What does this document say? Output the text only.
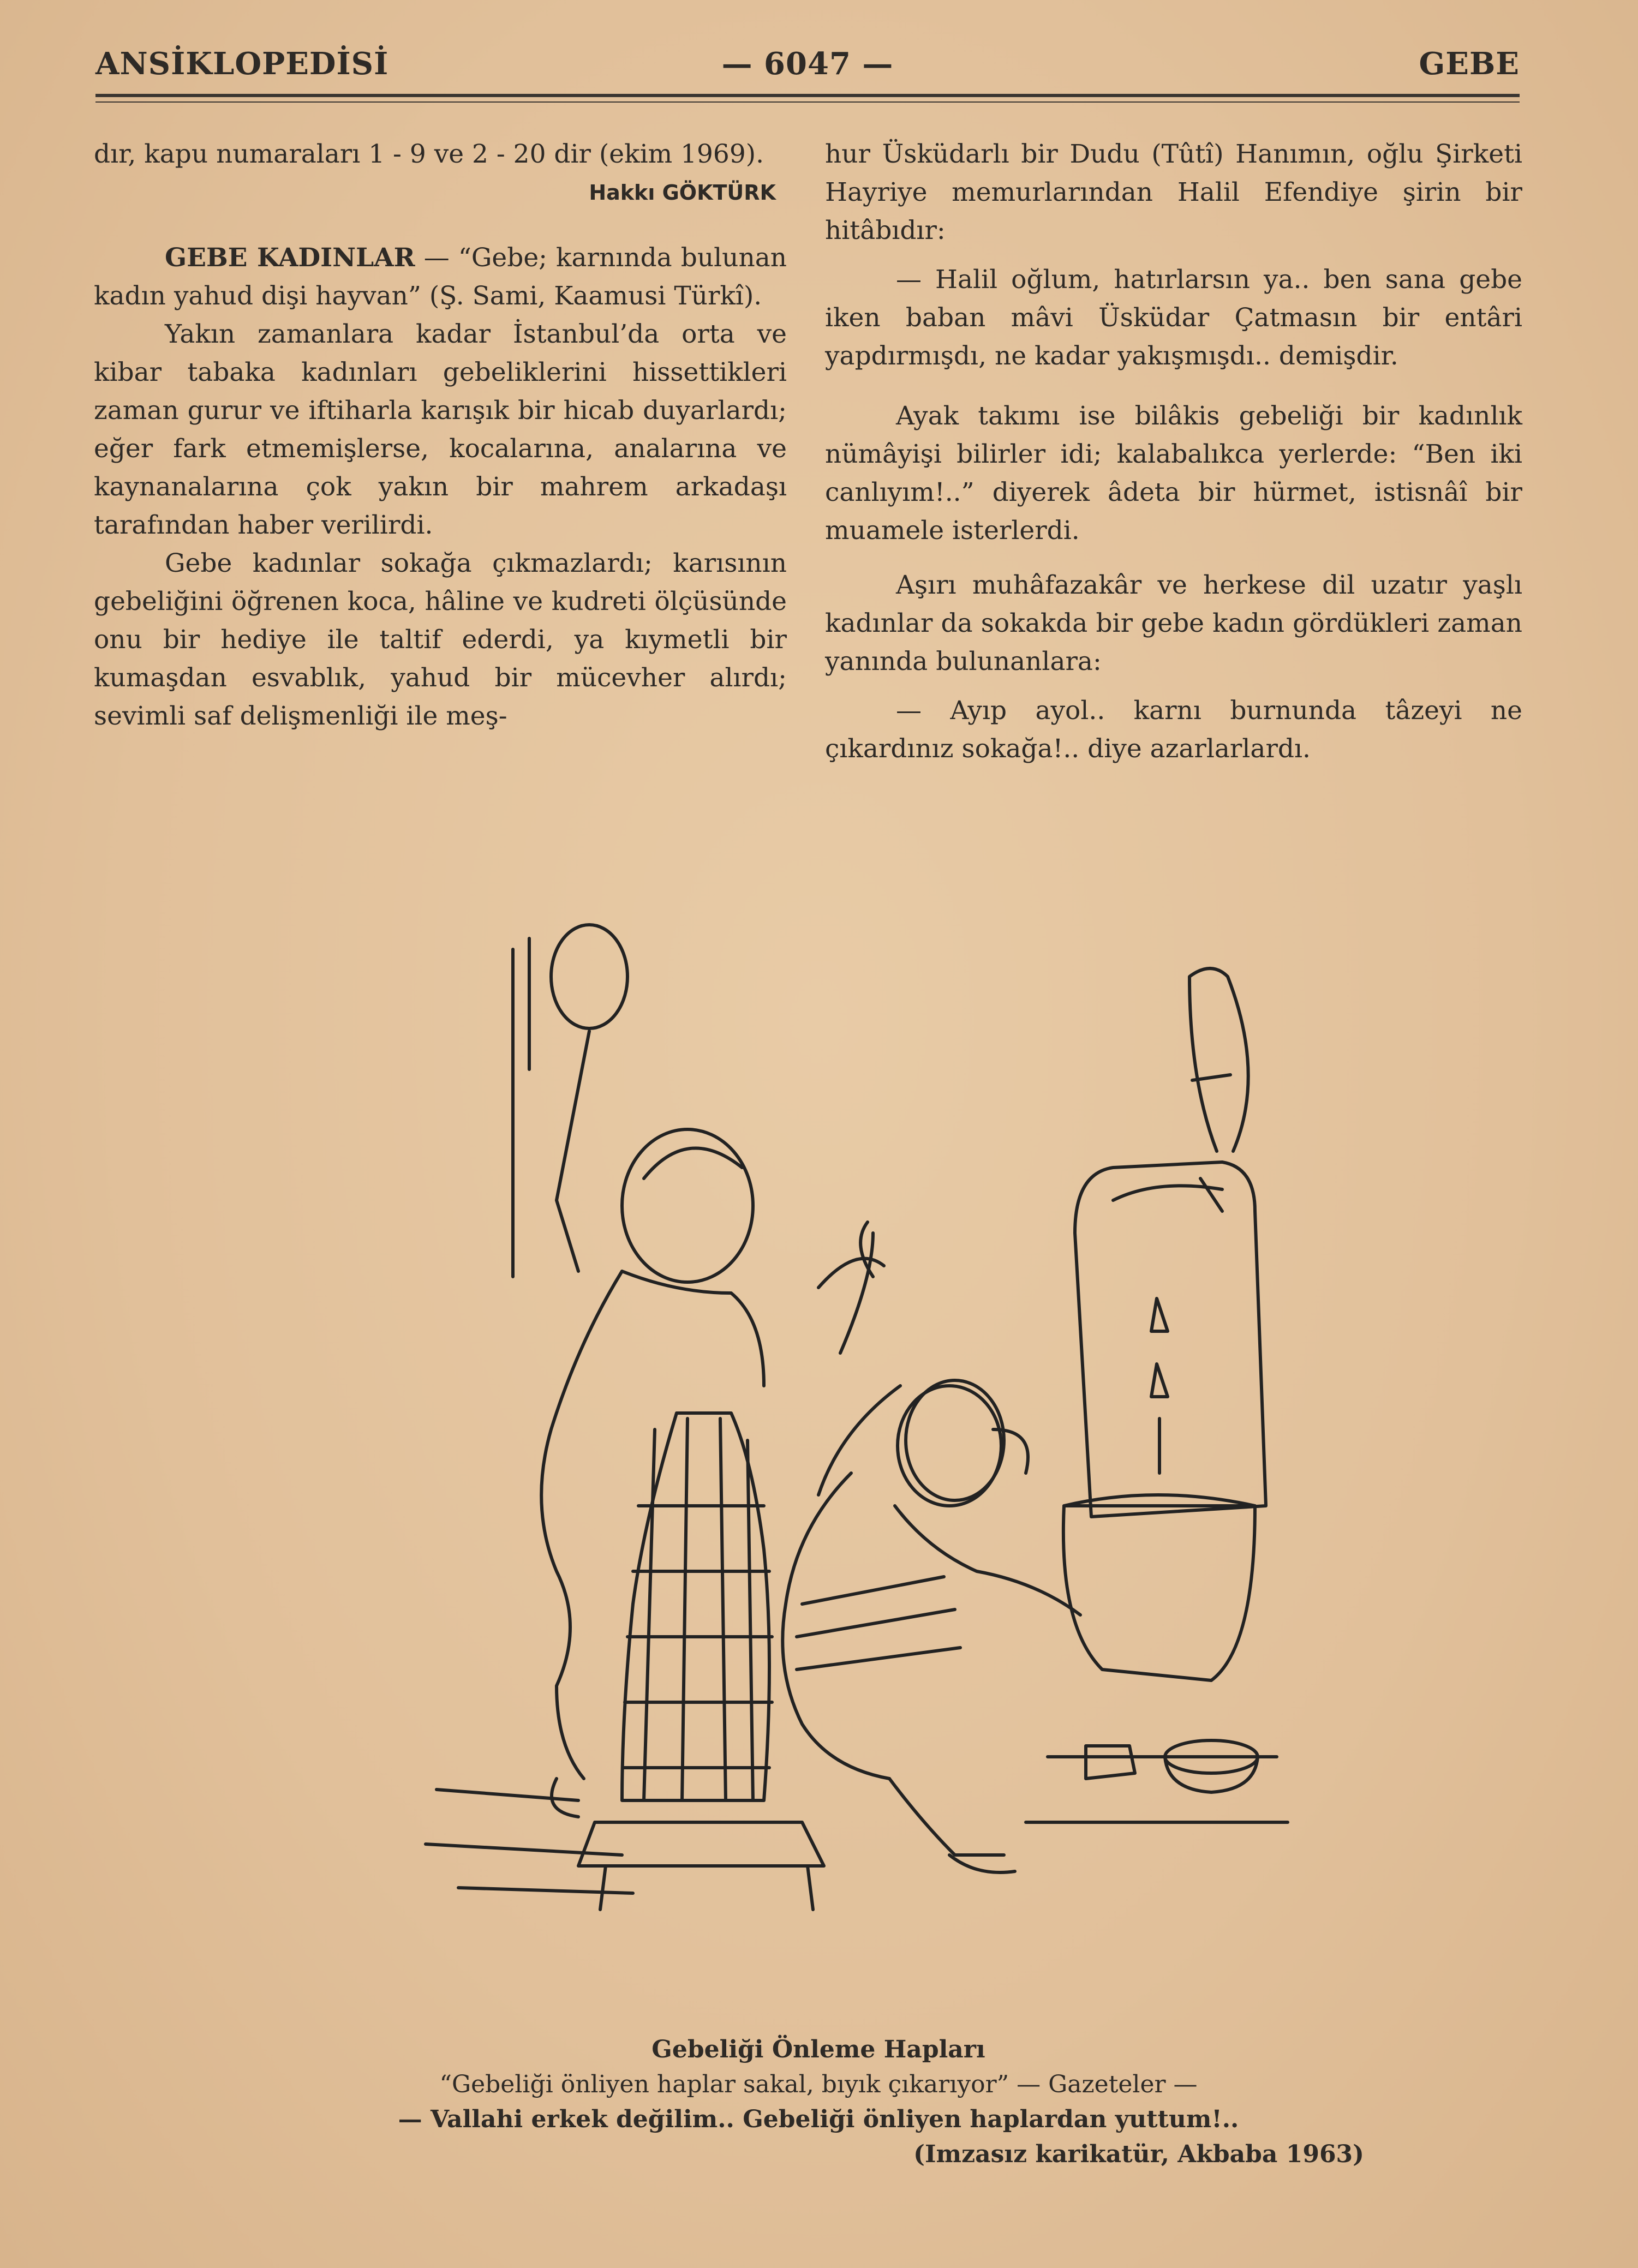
ANSİKLOPEDİSİ	— 6047 —	GEBE

dır, kapu numaraları 1 - 9 ve 2 - 20 dir (ekim 1969).

Hakkı GÖKTÜRK

GEBE KADINLAR — “Gebe; karnında bulunan kadın yahud dişi hayvan” (Ş. Sami, Kaamusi Türkî).

Yakın zamanlara kadar İstanbul’da orta ve kibar tabaka kadınları gebeliklerini hissettikleri zaman gurur ve iftiharla karışık bir hicab duyarlardı; eğer fark etmemişlerse, kocalarına, analarına ve kaynanalarına çok yakın bir mahrem arkadaşı tarafından haber verilirdi.

Gebe kadınlar sokağa çıkmazlardı; karısının gebeliğini öğrenen koca, hâline ve kudreti ölçüsünde onu bir hediye ile taltif ederdi, ya kıymetli bir kumaşdan esvablık, yahud bir mücevher alırdı; sevimli saf delişmenliği ile meş-

hur Üsküdarlı bir Dudu (Tûtî) Hanımın, oğlu Şirketi Hayriye memurlarından Halil Efendiye şirin bir hitâbıdır:

— Halil oğlum, hatırlarsın ya.. ben sana gebe iken baban mâvi Üsküdar Çatmasın bir entâri yapdırmışdı, ne kadar yakışmışdı.. demişdir.

Ayak takımı ise bilâkis gebeliği bir kadınlık nümâyişi bilirler idi; kalabalıkca yerlerde: “Ben iki canlıyım!..” diyerek âdeta bir hürmet, istisnâî bir muamele isterlerdi.

Aşırı muhâfazakâr ve herkese dil uzatır yaşlı kadınlar da sokakda bir gebe kadın gördükleri zaman yanında bulunanlara:

— Ayıp ayol.. karnı burnunda tâzeyi ne çıkardınız sokağa!.. diye azarlarlardı.

Gebeliği Önleme Hapları
“Gebeliği önliyen haplar sakal, bıyık çıkarıyor” — Gazeteler —
— Vallahi erkek değilim.. Gebeliği önliyen haplardan yuttum!..
(Imzasız karikatür, Akbaba 1963)
